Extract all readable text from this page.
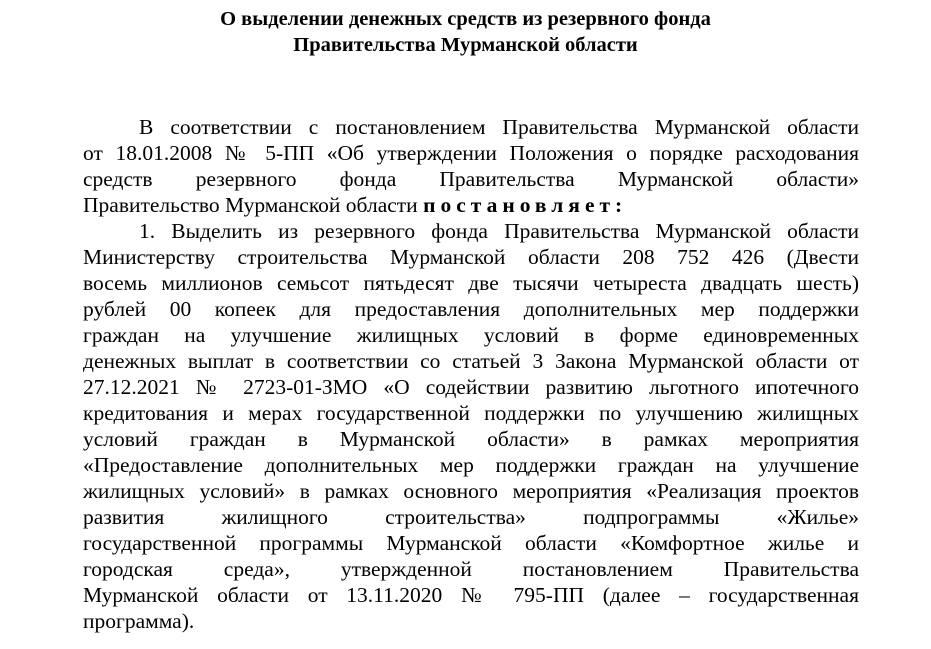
О выделении денежных средств из резервного фонда

Правительства Мурманской области

В соответствии с постановлением Правительства Мурманской области

от 18.01.2008 № 5-ПП «Об утверждении Положения о порядке расходования

средств резервного фонда Правительства Мурманской области»

Правительство Мурманской области постановляет:

1. Выделить из резервного фонда Правительства Мурманской области

Министерству строительства Мурманской области 208 752 426 (Двести

восемь миллионов семьсот пятьдесят две тысячи четыреста двадцать шесть)

рублей 00 копеек для предоставления дополнительных мер поддержки

граждан на улучшение жилищных условий в форме единовременных

денежных выплат в соответствии со статьей 3 Закона Мурманской области от

27.12.2021 № 2723-01-ЗМО «О содействии развитию льготного ипотечного

кредитования и мерах государственной поддержки по улучшению жилищных

условий граждан в Мурманской области» в рамках мероприятия

«Предоставление дополнительных мер поддержки граждан на улучшение

жилищных условий» в рамках основного мероприятия «Реализация проектов

развития жилищного строительства» подпрограммы «Жилье»

государственной программы Мурманской области «Комфортное жилье и

городская среда», утвержденной постановлением Правительства

Мурманской области от 13.11.2020 № 795-ПП (далее – государственная

программа).
